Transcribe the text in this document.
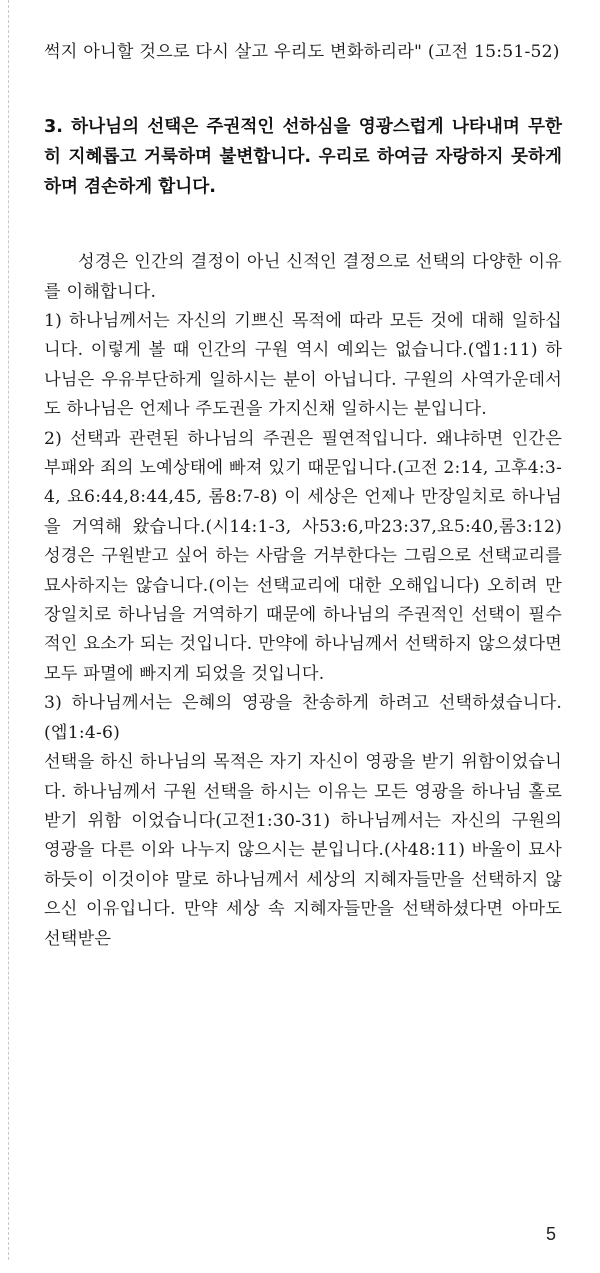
썩지 아니할 것으로 다시 살고 우리도 변화하리라" (고전 15:51-52)

3. 하나님의 선택은 주권적인 선하심을 영광스럽게 나타내며 무한히 지혜롭고 거룩하며 불변합니다. 우리로 하여금 자랑하지 못하게 하며 겸손하게 합니다.

성경은 인간의 결정이 아닌 신적인 결정으로 선택의 다양한 이유를 이해합니다.

1) 하나님께서는 자신의 기쁘신 목적에 따라 모든 것에 대해 일하십니다. 이렇게 볼 때 인간의 구원 역시 예외는 없습니다.(엡1:11) 하나님은 우유부단하게 일하시는 분이 아닙니다. 구원의 사역가운데서도 하나님은 언제나 주도권을 가지신채 일하시는 분입니다.

2) 선택과 관련된 하나님의 주권은 필연적입니다. 왜냐하면 인간은 부패와 죄의 노예상태에 빠져 있기 때문입니다.(고전 2:14, 고후4:3-4, 요6:44,8:44,45, 롬8:7-8) 이 세상은 언제나 만장일치로 하나님을 거역해 왔습니다.(시14:1-3, 사53:6,마23:37,요5:40,롬3:12) 성경은 구원받고 싶어 하는 사람을 거부한다는 그림으로 선택교리를 묘사하지는 않습니다.(이는 선택교리에 대한 오해입니다) 오히려 만장일치로 하나님을 거역하기 때문에 하나님의 주권적인 선택이 필수적인 요소가 되는 것입니다. 만약에 하나님께서 선택하지 않으셨다면 모두 파멸에 빠지게 되었을 것입니다.

3) 하나님께서는 은혜의 영광을 찬송하게 하려고 선택하셨습니다. (엡1:4-6)

선택을 하신 하나님의 목적은 자기 자신이 영광을 받기 위함이었습니다. 하나님께서 구원 선택을 하시는 이유는 모든 영광을 하나님 홀로 받기 위함 이었습니다(고전1:30-31) 하나님께서는 자신의 구원의 영광을 다른 이와 나누지 않으시는 분입니다.(사48:11) 바울이 묘사하듯이 이것이야 말로 하나님께서 세상의 지혜자들만을 선택하지 않으신 이유입니다. 만약 세상 속 지혜자들만을 선택하셨다면 아마도 선택받은

5
